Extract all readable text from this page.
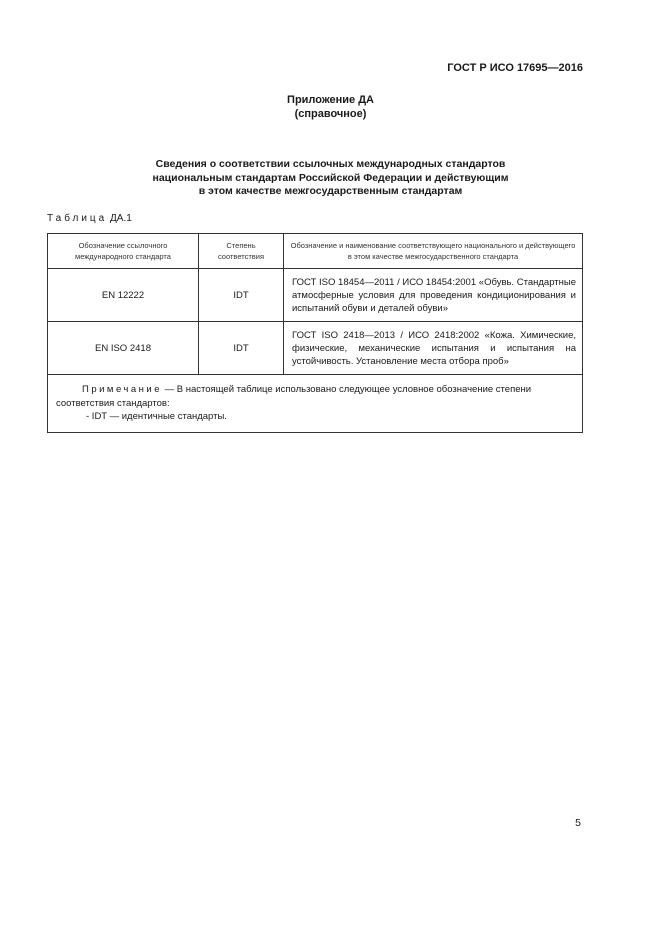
ГОСТ Р ИСО 17695—2016
Приложение ДА
(справочное)
Сведения о соответствии ссылочных международных стандартов
национальным стандартам Российской Федерации и действующим
в этом качестве межгосударственным стандартам
Таблица ДА.1
Обозначение ссылочного международного стандарта	Степень соответствия	Обозначение и наименование соответствующего национального и действующего в этом качестве межгосударственного стандарта
EN 12222	IDT	ГОСТ ISO 18454—2011 / ИСО 18454:2001 «Обувь. Стандартные атмосферные условия для проведения кондиционирования и испытаний обуви и деталей обуви»
EN ISO 2418	IDT	ГОСТ ISO 2418—2013 / ИСО 2418:2002 «Кожа. Химические, физические, механические испытания и испытания на устойчивость. Установление места отбора проб»

Примечание — В настоящей таблице использовано следующее условное обозначение степени соответствия стандартов:
- IDT — идентичные стандарты.		
5
